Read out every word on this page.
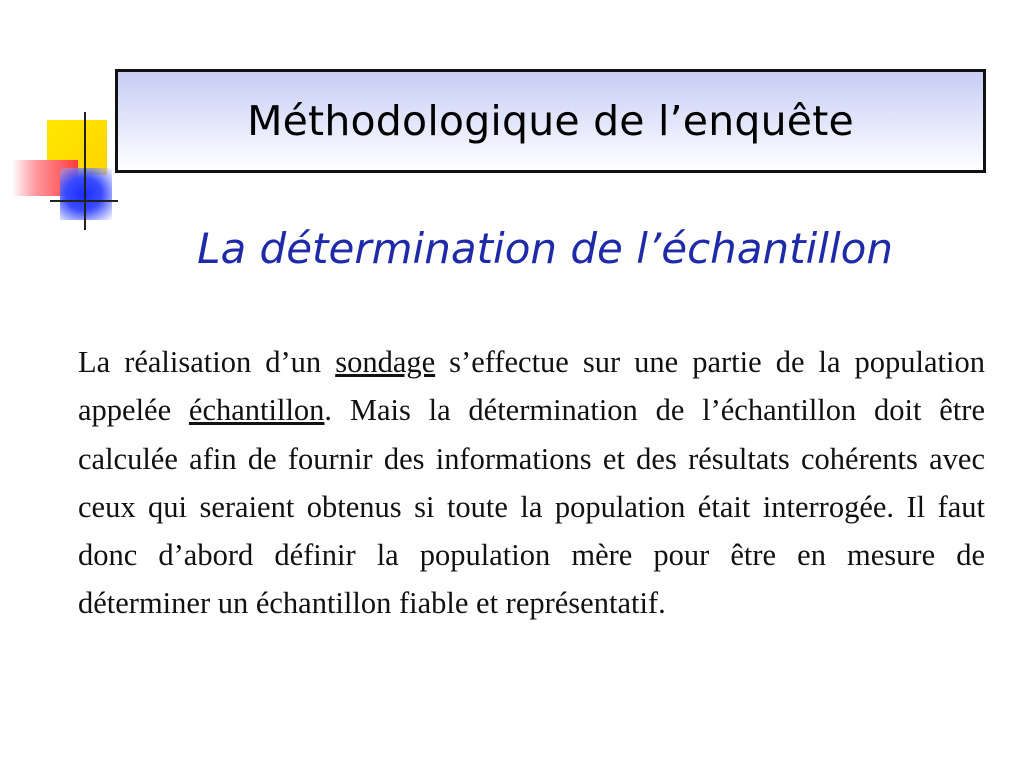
Méthodologique de l’enquête
La détermination de l’échantillon
La réalisation d’un sondage s’effectue sur une partie de la population appelée échantillon. Mais la détermination de l’échantillon doit être calculée afin de fournir des informations et des résultats cohérents avec ceux qui seraient obtenus si toute la population était interrogée. Il faut donc d’abord définir la population mère pour être en mesure de déterminer un échantillon fiable et représentatif.
